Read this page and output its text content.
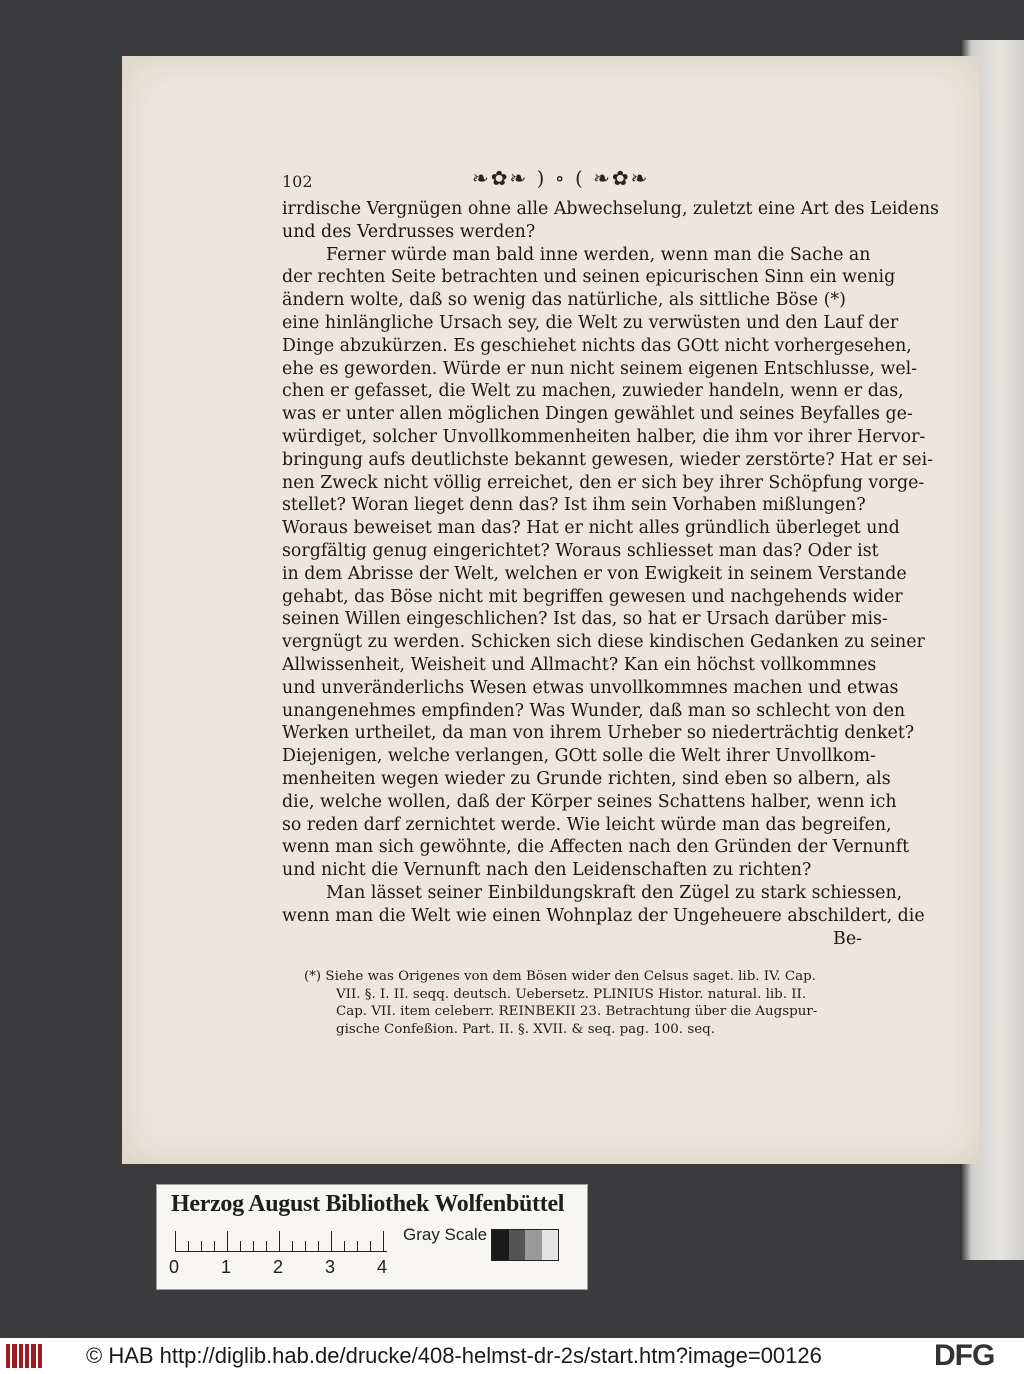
102	❧✿❧ ) ∘ ( ❧✿❧
irrdische Vergnügen ohne alle Abwechselung, zuletzt eine Art des Leidens
und des Verdrusses werden?
Ferner würde man bald inne werden, wenn man die Sache an
der rechten Seite betrachten und seinen epicurischen Sinn ein wenig
ändern wolte, daß so wenig das natürliche, als sittliche Böse (*)
eine hinlängliche Ursach sey, die Welt zu verwüsten und den Lauf der
Dinge abzukürzen. Es geschiehet nichts das GOtt nicht vorhergesehen,
ehe es geworden. Würde er nun nicht seinem eigenen Entschlusse, wel-
chen er gefasset, die Welt zu machen, zuwieder handeln, wenn er das,
was er unter allen möglichen Dingen gewählet und seines Beyfalles ge-
würdiget, solcher Unvollkommenheiten halber, die ihm vor ihrer Hervor-
bringung aufs deutlichste bekannt gewesen, wieder zerstörte? Hat er sei-
nen Zweck nicht völlig erreichet, den er sich bey ihrer Schöpfung vorge-
stellet? Woran lieget denn das? Ist ihm sein Vorhaben mißlungen?
Woraus beweiset man das? Hat er nicht alles gründlich überleget und
sorgfältig genug eingerichtet? Woraus schliesset man das? Oder ist
in dem Abrisse der Welt, welchen er von Ewigkeit in seinem Verstande
gehabt, das Böse nicht mit begriffen gewesen und nachgehends wider
seinen Willen eingeschlichen? Ist das, so hat er Ursach darüber mis-
vergnügt zu werden. Schicken sich diese kindischen Gedanken zu seiner
Allwissenheit, Weisheit und Allmacht? Kan ein höchst vollkommnes
und unveränderlichs Wesen etwas unvollkommnes machen und etwas
unangenehmes empfinden? Was Wunder, daß man so schlecht von den
Werken urtheilet, da man von ihrem Urheber so niederträchtig denket?
Diejenigen, welche verlangen, GOtt solle die Welt ihrer Unvollkom-
menheiten wegen wieder zu Grunde richten, sind eben so albern, als
die, welche wollen, daß der Körper seines Schattens halber, wenn ich
so reden darf zernichtet werde. Wie leicht würde man das begreifen,
wenn man sich gewöhnte, die Affecten nach den Gründen der Vernunft
und nicht die Vernunft nach den Leidenschaften zu richten?
Man lässet seiner Einbildungskraft den Zügel zu stark schiessen,
wenn man die Welt wie einen Wohnplaz der Ungeheuere abschildert, die
Be-
(*) Siehe was Origenes von dem Bösen wider den Celsus saget. lib. IV. Cap.
VII. §. I. II. seqq. deutsch. Uebersetz. PLINIUS Histor. natural. lib. II.
Cap. VII. item celeberr. REINBEKII 23. Betrachtung über die Augspur-
gische Confeßion. Part. II. §. XVII. & seq. pag. 100. seq.
Herzog August Bibliothek Wolfenbüttel
0 1 2 3 4
Gray Scale
© HAB http://diglib.hab.de/drucke/408-helmst-dr-2s/start.htm?image=00126	DFG
